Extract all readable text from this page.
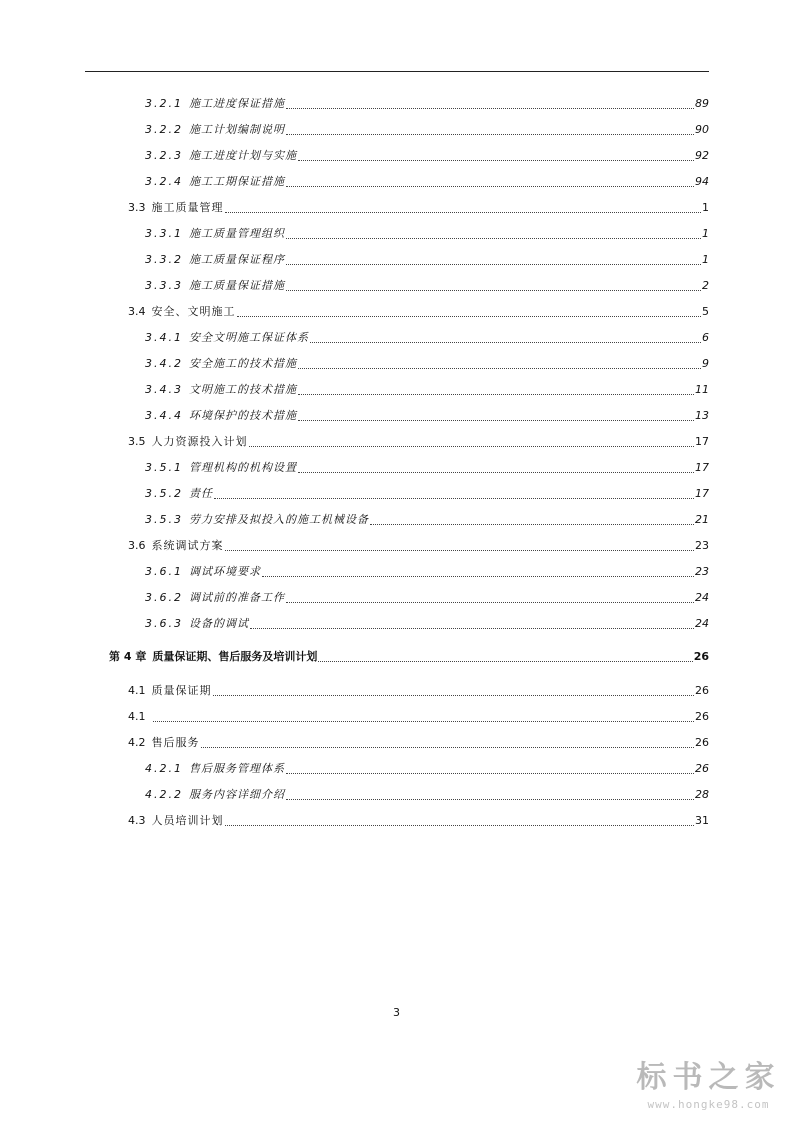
3.2.1 施工进度保证措施	89
3.2.2 施工计划编制说明	90
3.2.3 施工进度计划与实施	92
3.2.4 施工工期保证措施	94
3.3 施工质量管理	1
3.3.1 施工质量管理组织	1
3.3.2 施工质量保证程序	1
3.3.3 施工质量保证措施	2
3.4 安全、文明施工	5
3.4.1 安全文明施工保证体系	6
3.4.2 安全施工的技术措施	9
3.4.3 文明施工的技术措施	11
3.4.4 环境保护的技术措施	13
3.5 人力资源投入计划	17
3.5.1 管理机构的机构设置	17
3.5.2 责任	17
3.5.3 劳力安排及拟投入的施工机械设备	21
3.6 系统调试方案	23
3.6.1 调试环境要求	23
3.6.2 调试前的准备工作	24
3.6.3 设备的调试	24
第 4 章 质量保证期、售后服务及培训计划	26
4.1 质量保证期	26
4.1	26
4.2 售后服务	26
4.2.1 售后服务管理体系	26
4.2.2 服务内容详细介绍	28
4.3 人员培训计划	31
3
标书之家
www.hongke98.com
